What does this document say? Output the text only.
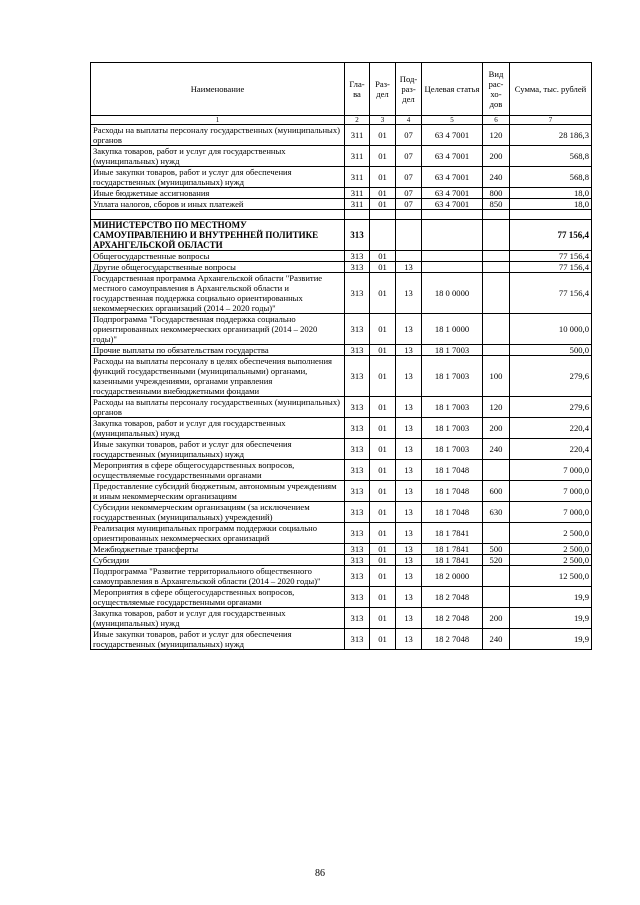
Наименование	Гла-ва	Раз-дел	Под-раз-дел	Целевая статья	Вид рас-хо-дов	Сумма, тыс. рублей
1	2	3	4	5	6	7
Расходы на выплаты персоналу государственных (муниципальных) органов	311	01	07	63 4 7001	120	28 186,3
Закупка товаров, работ и услуг для государственных (муниципальных) нужд	311	01	07	63 4 7001	200	568,8
Иные закупки товаров, работ и услуг для обеспечения государственных (муниципальных) нужд	311	01	07	63 4 7001	240	568,8
Иные бюджетные ассигнования	311	01	07	63 4 7001	800	18,0
Уплата налогов, сборов и иных платежей	311	01	07	63 4 7001	850	18,0

МИНИСТЕРСТВО ПО МЕСТНОМУ САМОУПРАВЛЕНИЮ И ВНУТРЕННЕЙ ПОЛИТИКЕ АРХАНГЕЛЬСКОЙ ОБЛАСТИ	313					77 156,4
Общегосударственные вопросы	313	01				77 156,4
Другие общегосударственные вопросы	313	01	13			77 156,4
Государственная программа Архангельской области "Развитие местного самоуправления в Архангельской области и государственная поддержка социально ориентированных некоммерческих организаций (2014 – 2020 годы)"	313	01	13	18 0 0000		77 156,4
Подпрограмма "Государственная поддержка социально ориентированных некоммерческих организаций (2014 – 2020 годы)"	313	01	13	18 1 0000		10 000,0
Прочие выплаты по обязательствам государства	313	01	13	18 1 7003		500,0
Расходы на выплаты персоналу в целях обеспечения выполнения функций государственными (муниципальными) органами, казенными учреждениями, органами управления государственными внебюджетными фондами	313	01	13	18 1 7003	100	279,6
Расходы на выплаты персоналу государственных (муниципальных) органов	313	01	13	18 1 7003	120	279,6
Закупка товаров, работ и услуг для государственных (муниципальных) нужд	313	01	13	18 1 7003	200	220,4
Иные закупки товаров, работ и услуг для обеспечения государственных (муниципальных) нужд	313	01	13	18 1 7003	240	220,4
Мероприятия в сфере общегосударственных вопросов, осуществляемые государственными органами	313	01	13	18 1 7048		7 000,0
Предоставление субсидий бюджетным, автономным учреждениям и иным некоммерческим организациям	313	01	13	18 1 7048	600	7 000,0
Субсидии некоммерческим организациям (за исключением государственных (муниципальных) учреждений)	313	01	13	18 1 7048	630	7 000,0
Реализация муниципальных программ поддержки социально ориентированных некоммерческих организаций	313	01	13	18 1 7841		2 500,0
Межбюджетные трансферты	313	01	13	18 1 7841	500	2 500,0
Субсидии	313	01	13	18 1 7841	520	2 500,0
Подпрограмма "Развитие территориального общественного самоуправления в Архангельской области (2014 – 2020 годы)"	313	01	13	18 2 0000		12 500,0
Мероприятия в сфере общегосударственных вопросов, осуществляемые государственными органами	313	01	13	18 2 7048		19,9
Закупка товаров, работ и услуг для государственных (муниципальных) нужд	313	01	13	18 2 7048	200	19,9
Иные закупки товаров, работ и услуг для обеспечения государственных (муниципальных) нужд	313	01	13	18 2 7048	240	19,9
86
